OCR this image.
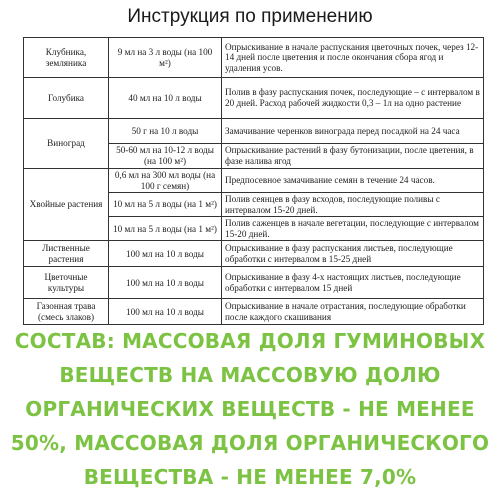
Инструкция по применению
Клубника, земляника	9 мл на 3 л воды (на 100 м²)	Опрыскивание в начале распускания цветочных почек, через 12-14 дней после цветения и после окончания сбора ягод и удаления усов.
Голубика	40 мл на 10 л воды	Полив в фазу распускания почек, последующие – с интервалом в 20 дней. Расход рабочей жидкости 0,3 – 1л на одно растение
Виноград	50 г на 10 л воды	Замачивание черенков винограда перед посадкой на 24 часа
	50-60 мл на 10-12 л воды (на 100 м²)	Опрыскивание растений в фазу бутонизации, после цветения, в фазе налива ягод
Хвойные растения	0,6 мл на 300 мл воды (на 100 г семян)	Предпосевное замачивание семян в течение 24 часов.
	10 мл на 5 л воды (на 1 м²)	Полив сеянцев в фазу всходов, последующие поливы с интервалом 15-20 дней.
	10 мл на 5 л воды (на 1 м²)	Полив саженцев в начале вегетации, последующие с интервалом 15-20 дней.
Лиственные растения	100 мл на 10 л воды	Опрыскивание в фазу распускания листьев, последующие обработки с интервалом в 15-25 дней
Цветочные культуры	100 мл на 10 л воды	Опрыскивание в фазу 4-х настоящих листьев, последующие обработки с интервалом 15 дней
Газонная трава (смесь злаков)	100 мл на 10 л воды	Опрыскивание в начале отрастания, последующие обработки после каждого скашивания
СОСТАВ: МАССОВАЯ ДОЛЯ ГУМИНОВЫХ ВЕЩЕСТВ НА МАССОВУЮ ДОЛЮ ОРГАНИЧЕСКИХ ВЕЩЕСТВ - НЕ МЕНЕЕ 50%, МАССОВАЯ ДОЛЯ ОРГАНИЧЕСКОГО ВЕЩЕСТВА - НЕ МЕНЕЕ 7,0%
